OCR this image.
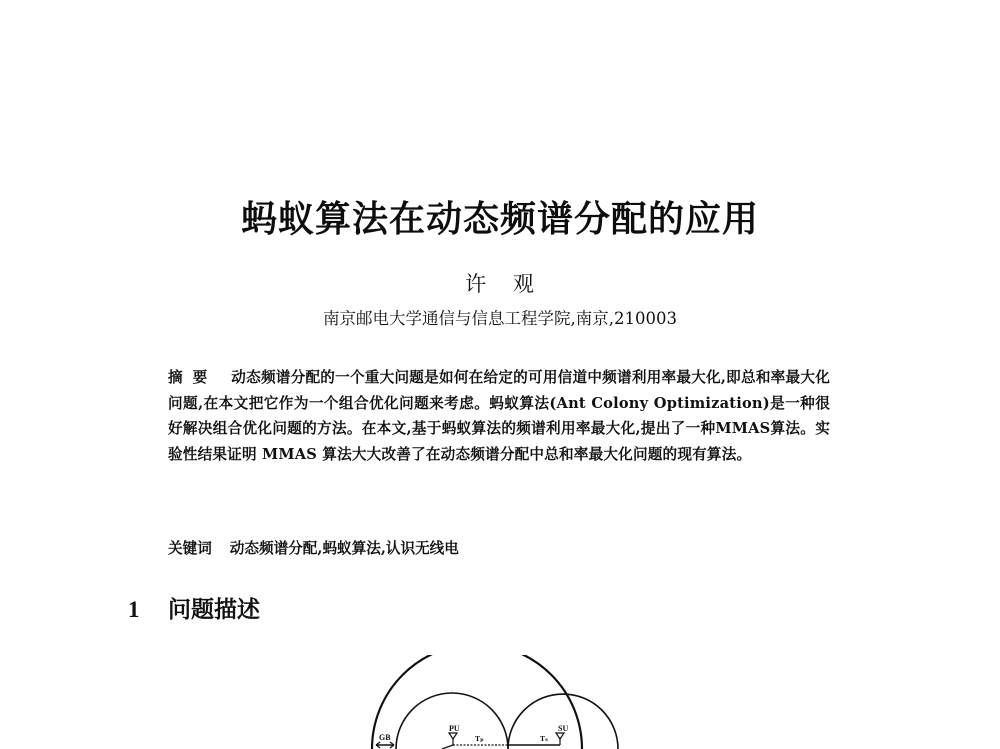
蚂蚁算法在动态频谱分配的应用
许 观
南京邮电大学通信与信息工程学院,南京,210003
摘要 动态频谱分配的一个重大问题是如何在给定的可用信道中频谱利用率最大化,即总和率最大化问题,在本文把它作为一个组合优化问题来考虑。蚂蚁算法(Ant Colony Optimization)是一种很好解决组合优化问题的方法。在本文,基于蚂蚁算法的频谱利用率最大化,提出了一种MMAS算法。实验性结果证明 MMAS 算法大大改善了在动态频谱分配中总和率最大化问题的现有算法。
关键词 动态频谱分配,蚂蚁算法,认识无线电
1 问题描述
GB
PU
Tₚ	Tₛ
SU
